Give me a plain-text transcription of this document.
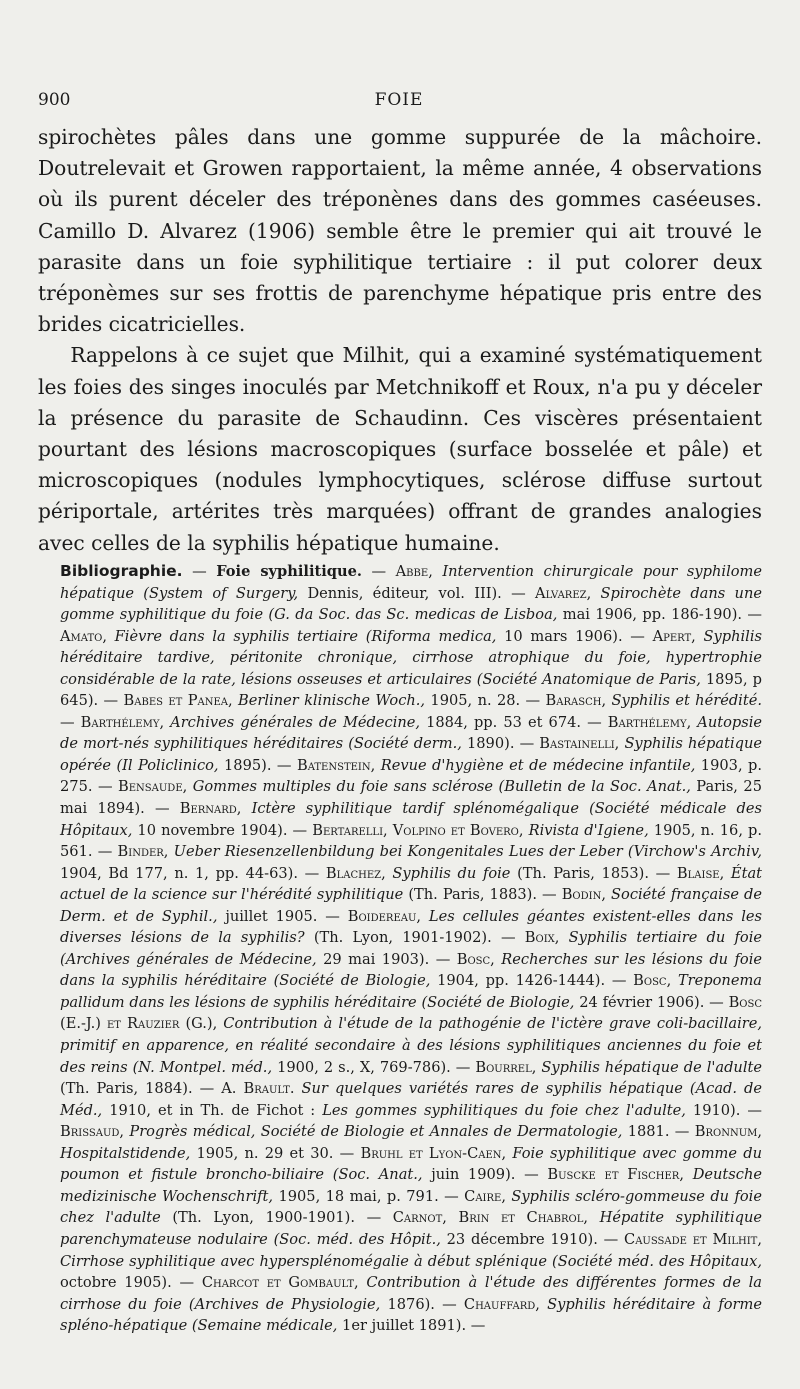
900	FOIE

spirochètes pâles dans une gomme suppurée de la mâchoire. Doutrelevait et Growen rapportaient, la même année, 4 observations où ils purent déceler des tréponènes dans des gommes caséeuses. Camillo D. Alvarez (1906) semble être le premier qui ait trouvé le parasite dans un foie syphilitique tertiaire : il put colorer deux tréponèmes sur ses frottis de parenchyme hépatique pris entre des brides cicatricielles.

Rappelons à ce sujet que Milhit, qui a examiné systématiquement les foies des singes inoculés par Metchnikoff et Roux, n'a pu y déceler la présence du parasite de Schaudinn. Ces viscères présentaient pourtant des lésions macroscopiques (surface bosselée et pâle) et microscopiques (nodules lymphocytiques, sclérose diffuse surtout périportale, artérites très marquées) offrant de grandes analogies avec celles de la syphilis hépatique humaine.

Bibliographie. — Foie syphilitique. — Abbe, Intervention chirurgicale pour syphilome hépatique (System of Surgery, Dennis, éditeur, vol. III). — Alvarez, Spirochète dans une gomme syphilitique du foie (G. da Soc. das Sc. medicas de Lisboa, mai 1906, pp. 186-190). — Amato, Fièvre dans la syphilis tertiaire (Riforma medica, 10 mars 1906). — Apert, Syphilis héréditaire tardive, péritonite chronique, cirrhose atrophique du foie, hypertrophie considérable de la rate, lésions osseuses et articulaires (Société Anatomique de Paris, 1895, p 645). — Babes et Panea, Berliner klinische Woch., 1905, n. 28. — Barasch, Syphilis et hérédité. — Barthélemy, Archives générales de Médecine, 1884, pp. 53 et 674. — Barthélemy, Autopsie de mort-nés syphilitiques héréditaires (Société derm., 1890). — Bastainelli, Syphilis hépatique opérée (Il Policlinico, 1895). — Batenstein, Revue d'hygiène et de médecine infantile, 1903, p. 275. — Bensaude, Gommes multiples du foie sans sclérose (Bulletin de la Soc. Anat., Paris, 25 mai 1894). — Bernard, Ictère syphilitique tardif splénomégalique (Société médicale des Hôpitaux, 10 novembre 1904). — Bertarelli, Volpino et Bovero, Rivista d'Igiene, 1905, n. 16, p. 561. — Binder, Ueber Riesenzellenbildung bei Kongenitales Lues der Leber (Virchow's Archiv, 1904, Bd 177, n. 1, pp. 44-63). — Blachez, Syphilis du foie (Th. Paris, 1853). — Blaise, État actuel de la science sur l'hérédité syphilitique (Th. Paris, 1883). — Bodin, Société française de Derm. et de Syphil., juillet 1905. — Boidereau, Les cellules géantes existent-elles dans les diverses lésions de la syphilis? (Th. Lyon, 1901-1902). — Boix, Syphilis tertiaire du foie (Archives générales de Médecine, 29 mai 1903). — Bosc, Recherches sur les lésions du foie dans la syphilis héréditaire (Société de Biologie, 1904, pp. 1426-1444). — Bosc, Treponema pallidum dans les lésions de syphilis héréditaire (Société de Biologie, 24 février 1906). — Bosc (E.-J.) et Rauzier (G.), Contribution à l'étude de la pathogénie de l'ictère grave coli-bacillaire, primitif en apparence, en réalité secondaire à des lésions syphilitiques anciennes du foie et des reins (N. Montpel. méd., 1900, 2 s., X, 769-786). — Bourrel, Syphilis hépatique de l'adulte (Th. Paris, 1884). — A. Brault. Sur quelques variétés rares de syphilis hépatique (Acad. de Méd., 1910, et in Th. de Fichot : Les gommes syphilitiques du foie chez l'adulte, 1910). — Brissaud, Progrès médical, Société de Biologie et Annales de Dermatologie, 1881. — Bronnum, Hospitalstidende, 1905, n. 29 et 30. — Bruhl et Lyon-Caen, Foie syphilitique avec gomme du poumon et fistule broncho-biliaire (Soc. Anat., juin 1909). — Buscke et Fischer, Deutsche medizinische Wochenschrift, 1905, 18 mai, p. 791. — Caire, Syphilis scléro-gommeuse du foie chez l'adulte (Th. Lyon, 1900-1901). — Carnot, Brin et Chabrol, Hépatite syphilitique parenchymateuse nodulaire (Soc. méd. des Hôpit., 23 décembre 1910). — Caussade et Milhit, Cirrhose syphilitique avec hypersplénomégalie à début splénique (Société méd. des Hôpitaux, octobre 1905). — Charcot et Gombault, Contribution à l'étude des différentes formes de la cirrhose du foie (Archives de Physiologie, 1876). — Chauffard, Syphilis héréditaire à forme spléno-hépatique (Semaine médicale, 1er juillet 1891). —
